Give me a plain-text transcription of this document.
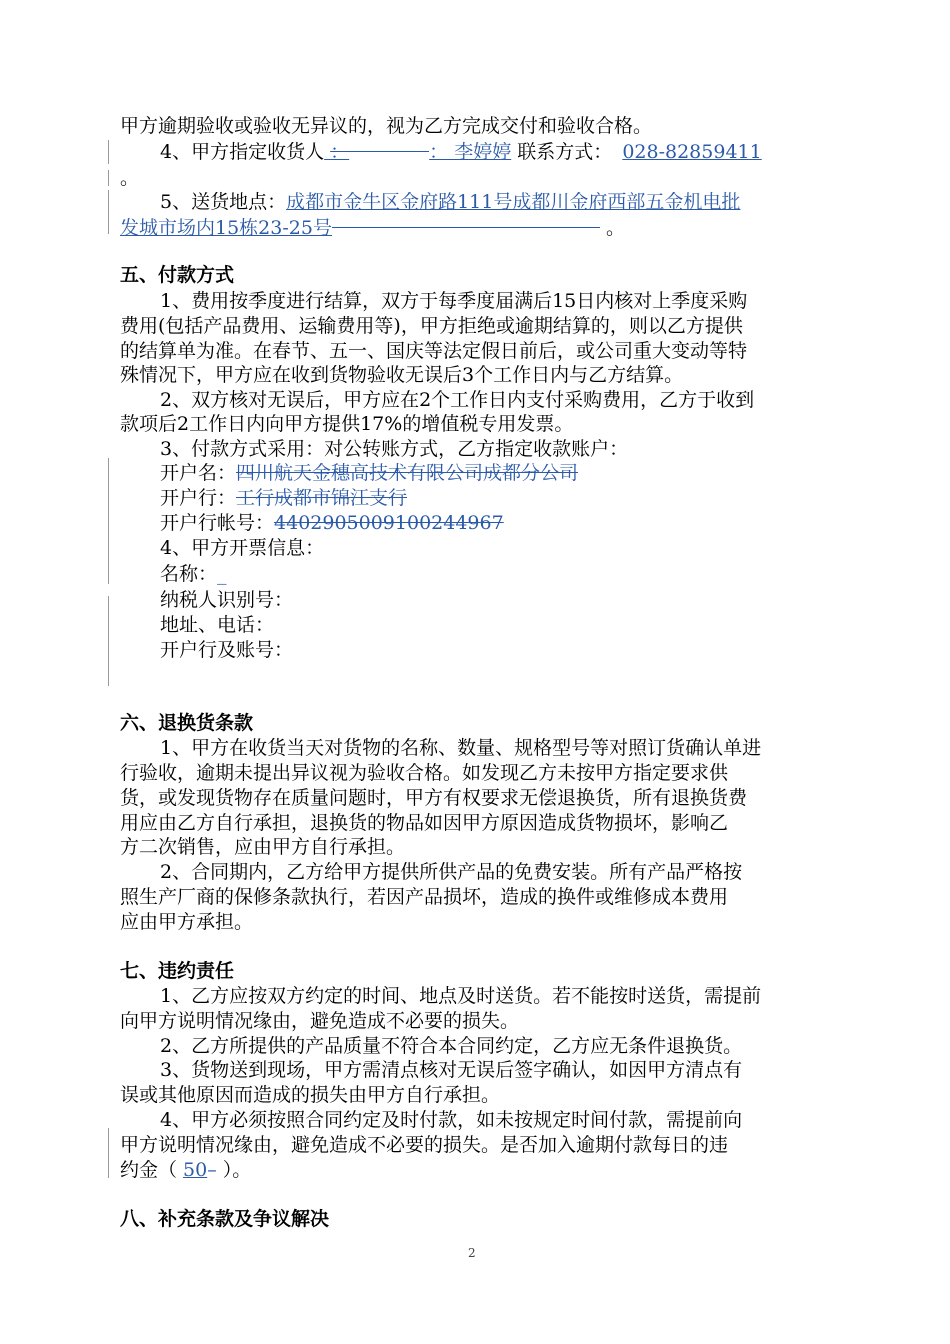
甲方逾期验收或验收无异议的，视为乙方完成交付和验收合格。
4、甲方指定收货人 ：	： 李婷婷 联系方式： 028-82859411
。
5、送货地点：成都市金牛区金府路111号成都川金府西部五金机电批
发城市场内15栋23-25号	。
五、付款方式
1、费用按季度进行结算，双方于每季度届满后15日内核对上季度采购
费用(包括产品费用、运输费用等)，甲方拒绝或逾期结算的，则以乙方提供
的结算单为准。在春节、五一、国庆等法定假日前后，或公司重大变动等特
殊情况下，甲方应在收到货物验收无误后3个工作日内与乙方结算。
2、双方核对无误后，甲方应在2个工作日内支付采购费用，乙方于收到
款项后2工作日内向甲方提供17%的增值税专用发票。
3、付款方式采用：对公转账方式，乙方指定收款账户：
开户名：四川航天金穗高技术有限公司成都分公司
开户行：工行成都市锦江支行
开户行帐号：4402905009100244967
4、甲方开票信息：
名称：_
纳税人识别号：
地址、电话：
开户行及账号：
六、退换货条款
1、甲方在收货当天对货物的名称、数量、规格型号等对照订货确认单进
行验收，逾期未提出异议视为验收合格。如发现乙方未按甲方指定要求供
货，或发现货物存在质量问题时，甲方有权要求无偿退换货，所有退换货费
用应由乙方自行承担，退换货的物品如因甲方原因造成货物损坏，影响乙
方二次销售，应由甲方自行承担。
2、合同期内，乙方给甲方提供所供产品的免费安装。所有产品严格按
照生产厂商的保修条款执行，若因产品损坏，造成的换件或维修成本费用
应由甲方承担。
七、违约责任
1、乙方应按双方约定的时间、地点及时送货。若不能按时送货，需提前
向甲方说明情况缘由，避免造成不必要的损失。
2、乙方所提供的产品质量不符合本合同约定，乙方应无条件退换货。
3、货物送到现场，甲方需清点核对无误后签字确认，如因甲方清点有
误或其他原因而造成的损失由甲方自行承担。
4、甲方必须按照合同约定及时付款，如未按规定时间付款，需提前向
甲方说明情况缘由，避免造成不必要的损失。是否加入逾期付款每日的违
约金（ 50– ）。
八、补充条款及争议解决
2
